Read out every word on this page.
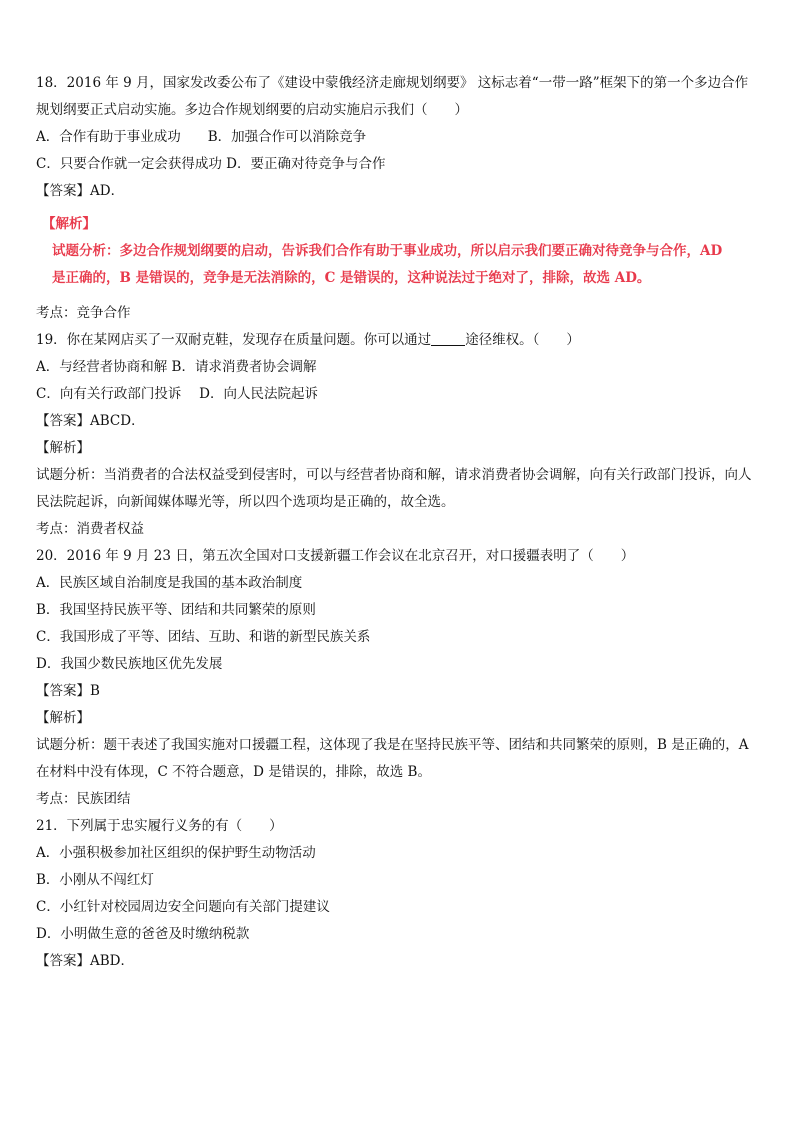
18．2016 年 9 月，国家发改委公布了《建设中蒙俄经济走廊规划纲要》 这标志着“一带一路”框架下的第一个多边合作规划纲要正式启动实施。多边合作规划纲要的启动实施启示我们（　　）
A．合作有助于事业成功　　B．加强合作可以消除竞争
C．只要合作就一定会获得成功 D．要正确对待竞争与合作
【答案】AD．
【解析】
试题分析：多边合作规划纲要的启动，告诉我们合作有助于事业成功，所以启示我们要正确对待竞争与合作，AD 是正确的，B 是错误的，竞争是无法消除的，C 是错误的，这种说法过于绝对了，排除，故选 AD。
考点：竞争合作
19．你在某网店买了一双耐克鞋，发现存在质量问题。你可以通过	途径维权。（　　）
A．与经营者协商和解 B．请求消费者协会调解
C．向有关行政部门投诉　 D．向人民法院起诉
【答案】ABCD．
【解析】
试题分析：当消费者的合法权益受到侵害时，可以与经营者协商和解，请求消费者协会调解，向有关行政部门投诉，向人民法院起诉，向新闻媒体曝光等，所以四个选项均是正确的，故全选。
考点：消费者权益
20．2016 年 9 月 23 日，第五次全国对口支援新疆工作会议在北京召开，对口援疆表明了（　　）
A．民族区域自治制度是我国的基本政治制度
B．我国坚持民族平等、团结和共同繁荣的原则
C．我国形成了平等、团结、互助、和谐的新型民族关系
D．我国少数民族地区优先发展
【答案】B
【解析】
试题分析：题干表述了我国实施对口援疆工程，这体现了我是在坚持民族平等、团结和共同繁荣的原则，B 是正确的，A 在材料中没有体现，C 不符合题意，D 是错误的，排除，故选 B。
考点：民族团结
21．下列属于忠实履行义务的有（　　）
A．小强积极参加社区组织的保护野生动物活动
B．小刚从不闯红灯
C．小红针对校园周边安全问题向有关部门提建议
D．小明做生意的爸爸及时缴纳税款
【答案】ABD．
